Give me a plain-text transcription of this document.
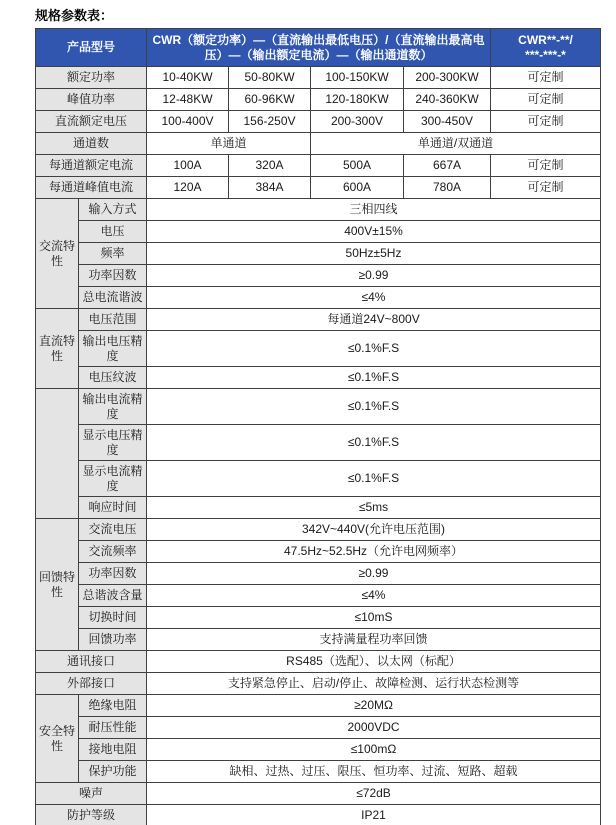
规格参数表：
产品型号		CWR（额定功率）—（直流输出最低电压）/（直流输出最高电压）—（输出额定电流）—（输出通道数）				CWR**-**/
***-***-*

额定功率		10-40KW	50-80KW	100-150KW	200-300KW	可定制
峰值功率		12-48KW	60-96KW	120-180KW	240-360KW	可定制
直流额定电压		100-400V	156-250V	200-300V	300-450V	可定制
通道数		单通道		单通道/双通道		
每通道额定电流		100A	320A	500A	667A	可定制
每通道峰值电流		120A	384A	600A	780A	可定制
交流特性	输入方式	三相四线				
	电压	400V±15%				
	频率	50Hz±5Hz				
	功率因数	≥0.99				
	总电流谐波	≤4%				
直流特性	电压范围	每通道24V~800V				
	输出电压精度	≤0.1%F.S				
	电压纹波	≤0.1%F.S				
	输出电流精度	≤0.1%F.S				
	显示电压精度	≤0.1%F.S				
	显示电流精度	≤0.1%F.S				
	响应时间	≤5ms				
回馈特性	交流电压	342V~440V(允许电压范围)				
	交流频率	47.5Hz~52.5Hz（允许电网频率）				
	功率因数	≥0.99				
	总谐波含量	≤4%				
	切换时间	≤10mS				
	回馈功率	支持满量程功率回馈				
通讯接口		RS485（选配）、以太网（标配）				
外部接口		支持紧急停止、启动/停止、故障检测、运行状态检测等				
安全特性	绝缘电阻	≥20MΩ				
	耐压性能	2000VDC				
	接地电阻	≤100mΩ				
	保护功能	缺相、过热、过压、限压、恒功率、过流、短路、超载				
噪声		≤72dB				
防护等级		IP21				
